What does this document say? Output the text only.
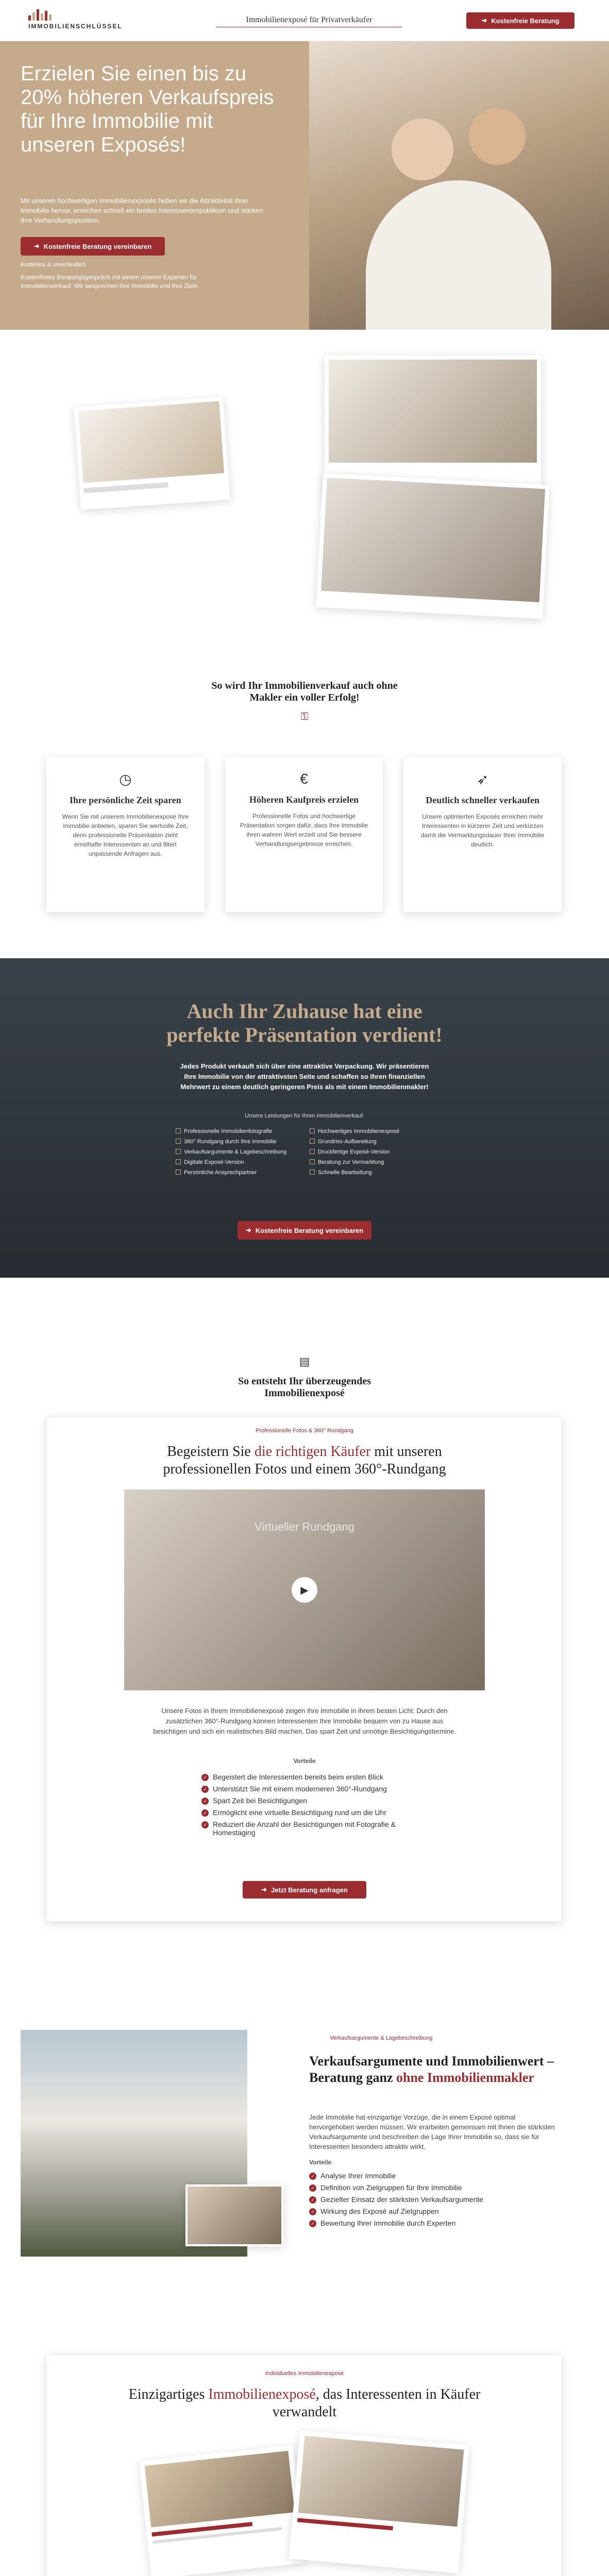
IMMOBILIENSCHLÜSSEL
Immobilienexposé für Privatverkäufer	➜ Kostenfreie Beratung
Erzielen Sie einen bis zu 20% höheren Verkaufspreis für Ihre Immobilie mit unseren Exposés!
Mit unseren hochwertigen Immobilienexposés heben wir die Attraktivität Ihrer Immobilie hervor, erreichen schnell ein breites Interessentenpublikum und stärken Ihre Verhandlungsposition.
➜ Kostenfreie Beratung vereinbaren
Kostenlos & unverbindlich
Kostenfreies Beratungsgespräch mit einem unserer Experten für Immobilienverkauf. Wir besprechen Ihre Immobilie und Ihre Ziele.
So wird Ihr Immobilienverkauf auch ohne Makler ein voller Erfolg!
⚿
◷
Ihre persönliche Zeit sparen
Wenn Sie mit unserem Immobilienexposé Ihre Immobilie anbieten, sparen Sie wertvolle Zeit, denn professionelle Präsentation zieht ernsthafte Interessenten an und filtert unpassende Anfragen aus.
€
Höheren Kaufpreis erzielen
Professionelle Fotos und hochwertige Präsentation sorgen dafür, dass Ihre Immobilie ihren wahren Wert erzielt und Sie bessere Verhandlungsergebnisse erreichen.
➶
Deutlich schneller verkaufen
Unsere optimierten Exposés erreichen mehr Interessenten in kürzerer Zeit und verkürzen damit die Vermarktungsdauer Ihrer Immobilie deutlich.
Auch Ihr Zuhause hat eine perfekte Präsentation verdient!
Jedes Produkt verkauft sich über eine attraktive Verpackung. Wir präsentieren Ihre Immobilie von der attraktivsten Seite und schaffen so Ihren finanziellen Mehrwert zu einem deutlich geringeren Preis als mit einem Immobilienmakler!
Unsere Leistungen für Ihren Immobilienverkauf:
Professionelle Immobilienfotografie	Hochwertiges Immobilienexposé
360° Rundgang durch Ihre Immobilie	Grundriss-Aufbereitung
Verkaufsargumente & Lagebeschreibung	Druckfertige Exposé-Version
Digitale Exposé-Version	Beratung zur Vermarktung
Persönliche Ansprechpartner	Schnelle Bearbeitung
➜ Kostenfreie Beratung vereinbaren
▤
So entsteht Ihr überzeugendes Immobilienexposé
Professionelle Fotos & 360° Rundgang
Begeistern Sie die richtigen Käufer mit unseren professionellen Fotos und einem 360°-Rundgang
Virtueller Rundgang
▶
Unsere Fotos in Ihrem Immobilienexposé zeigen Ihre Immobilie in ihrem besten Licht. Durch den zusätzlichen 360°-Rundgang können Interessenten Ihre Immobilie bequem von zu Hause aus besichtigen und sich ein realistisches Bild machen. Das spart Zeit und unnötige Besichtigungstermine.
Vorteile
✓ Begeistert die Interessenten bereits beim ersten Blick
✓ Unterstützt Sie mit einem moderneren 360°-Rundgang
✓ Spart Zeit bei Besichtigungen
✓ Ermöglicht eine virtuelle Besichtigung rund um die Uhr
✓ Reduziert die Anzahl der Besichtigungen mit Fotografie & Homestaging
➜ Jetzt Beratung anfragen
Verkaufsargumente & Lagebeschreibung
Verkaufsargumente und Immobilienwert – Beratung ganz ohne Immobilienmakler
Jede Immobilie hat einzigartige Vorzüge, die in einem Exposé optimal hervorgehoben werden müssen. Wir erarbeiten gemeinsam mit Ihnen die stärksten Verkaufsargumente und beschreiben die Lage Ihrer Immobilie so, dass sie für Interessenten besonders attraktiv wirkt.
Vorteile
✓ Analyse Ihrer Immobilie
✓ Definition von Zielgruppen für Ihre Immobilie
✓ Gezielter Einsatz der stärksten Verkaufsargumente
✓ Wirkung des Exposé auf Zielgruppen
✓ Bewertung Ihrer Immobilie durch Experten
Individuelles Immobilienexposé
Einzigartiges Immobilienexposé, das Interessenten in Käufer verwandelt
